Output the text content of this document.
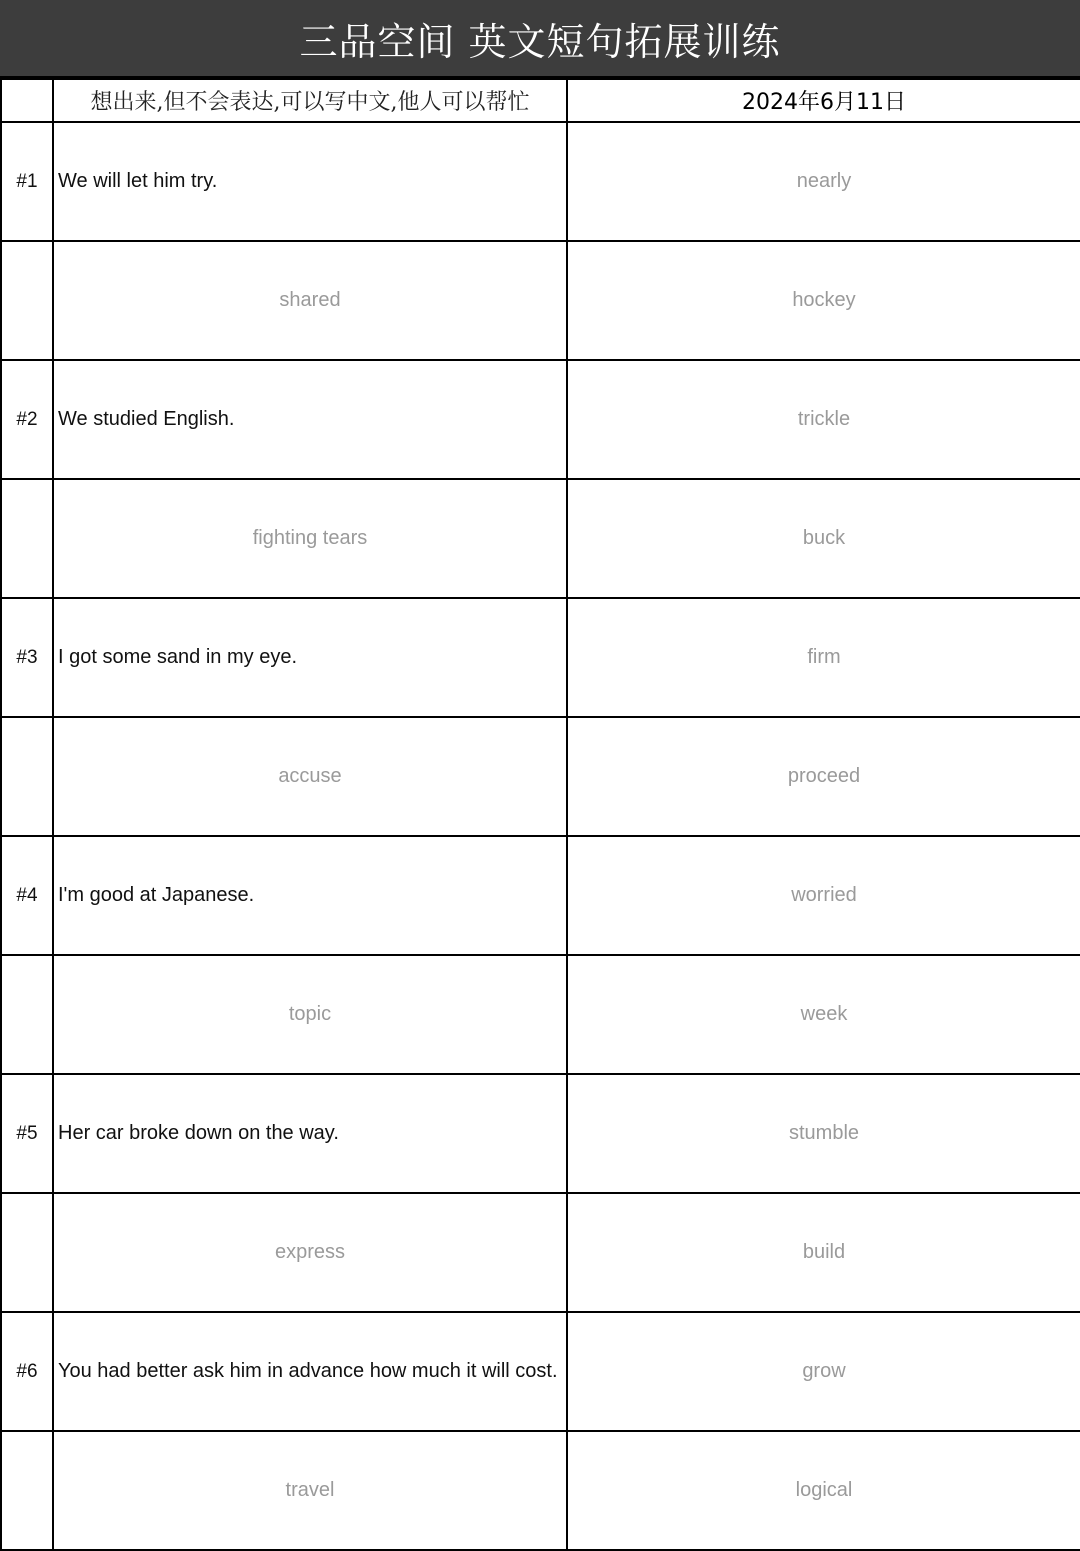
三品空间 英文短句拓展训练
	想出来,但不会表达,可以写中文,他人可以帮忙	2024年6月11日
#1	We will let him try.	nearly
	shared	hockey
#2	We studied English.	trickle
	fighting tears	buck
#3	I got some sand in my eye.	firm
	accuse	proceed
#4	I'm good at Japanese.	worried
	topic	week
#5	Her car broke down on the way.	stumble
	express	build
#6	You had better ask him in advance how much it will cost.	grow
	travel	logical
